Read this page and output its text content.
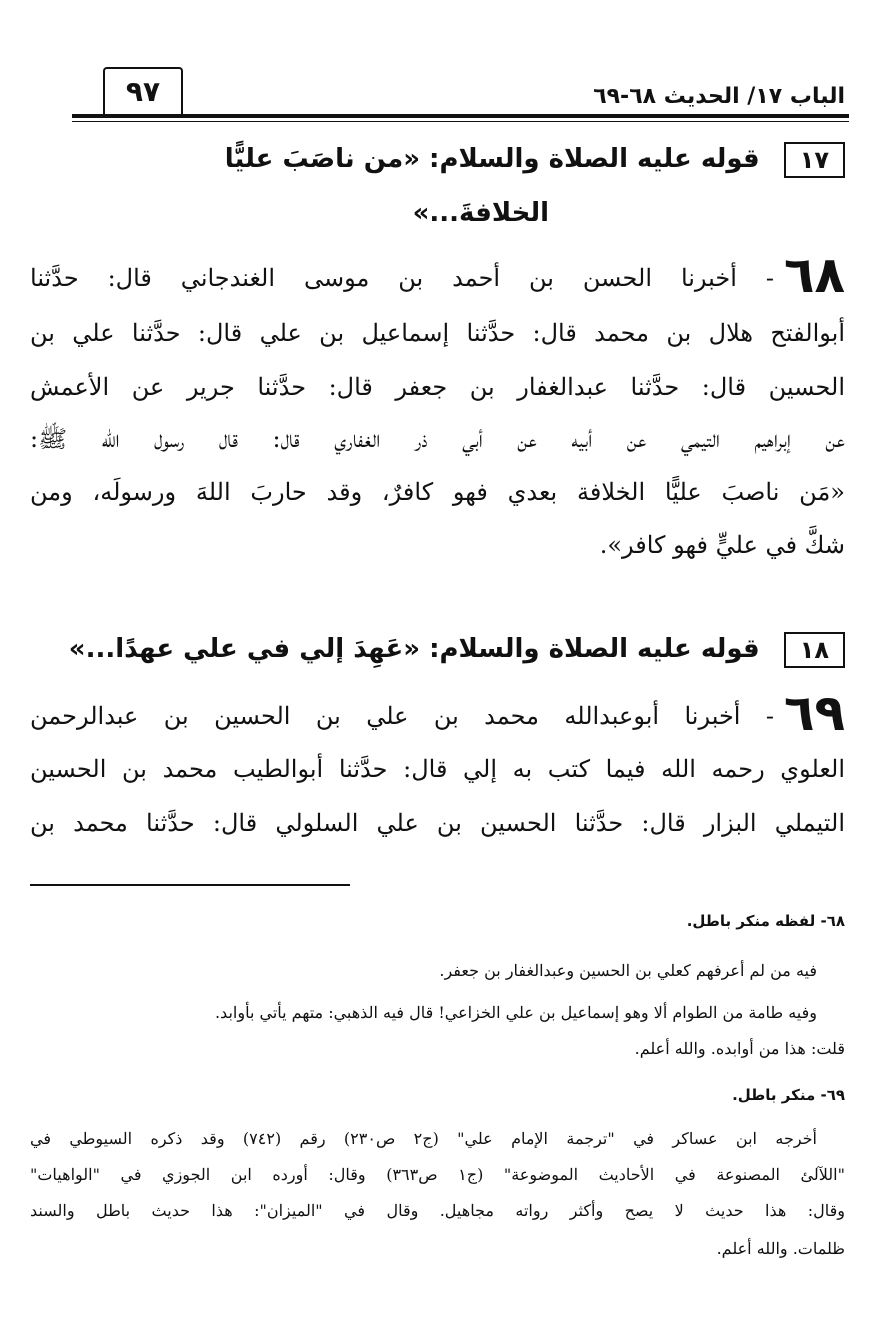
الباب ١٧/ الحديث ٦٨-٦٩
٩٧
١٧قوله عليه الصلاة والسلام: «من ناصَبَ عليًّا
الخلافةَ...»
٦٨- أخبرنا الحسن بن أحمد بن موسى الغندجاني قال: حدَّثنا
أبوالفتح هلال بن محمد قال: حدَّثنا إسماعيل بن علي قال: حدَّثنا علي بن
الحسين قال: حدَّثنا عبدالغفار بن جعفر قال: حدَّثنا جرير عن الأعمش
عن إبراهيم التيمي عن أبيه عن أبي ذر الغفاري قال: قال رسول الله ﷺ:
«مَن ناصبَ عليًّا الخلافة بعدي فهو كافرٌ، وقد حاربَ اللهَ ورسولَه، ومن
شكَّ في عليٍّ فهو كافر».
١٨قوله عليه الصلاة والسلام: «عَهِدَ إلي في علي عهدًا...»
٦٩- أخبرنا أبوعبدالله محمد بن علي بن الحسين بن عبدالرحمن
العلوي رحمه الله فيما كتب به إلي قال: حدَّثنا أبوالطيب محمد بن الحسين
التيملي البزار قال: حدَّثنا الحسين بن علي السلولي قال: حدَّثنا محمد بن
٦٨- لفظه منكر باطل.
فيه من لم أعرفهم كعلي بن الحسين وعبدالغفار بن جعفر.
وفيه طامة من الطوام ألا وهو إسماعيل بن علي الخزاعي! قال فيه الذهبي: متهم يأتي بأوابد.
قلت: هذا من أوابده. والله أعلم.
٦٩- منكر باطل.
أخرجه ابن عساكر في "ترجمة الإمام علي" (ج٢ ص٢٣٠) رقم (٧٤٢) وقد ذكره السيوطي في
"اللآلئ المصنوعة في الأحاديث الموضوعة" (ج١ ص٣٦٣) وقال: أورده ابن الجوزي في "الواهيات"
وقال: هذا حديث لا يصح وأكثر رواته مجاهيل. وقال في "الميزان": هذا حديث باطل والسند
ظلمات. والله أعلم.
